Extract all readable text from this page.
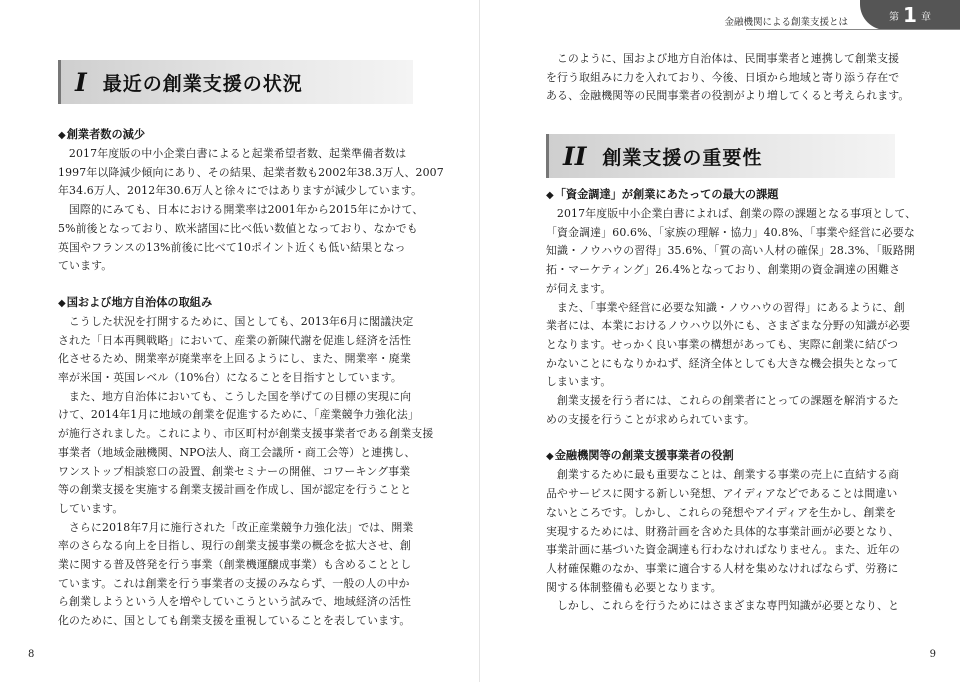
I 最近の創業支援の状況

◆創業者数の減少

2017年度版の中小企業白書によると起業希望者数、起業準備者数は
1997年以降減少傾向にあり、その結果、起業者数も2002年38.3万人、2007
年34.6万人、2012年30.6万人と徐々にではありますが減少しています。

国際的にみても、日本における開業率は2001年から2015年にかけて、
5%前後となっており、欧米諸国に比べ低い数値となっており、なかでも
英国やフランスの13%前後に比べて10ポイント近くも低い結果となっ
ています。

◆国および地方自治体の取組み

こうした状況を打開するために、国としても、2013年6月に閣議決定
された「日本再興戦略」において、産業の新陳代謝を促進し経済を活性
化させるため、開業率が廃業率を上回るようにし、また、開業率・廃業
率が米国・英国レベル（10%台）になることを目指すとしています。

また、地方自治体においても、こうした国を挙げての目標の実現に向
けて、2014年1月に地域の創業を促進するために、「産業競争力強化法」
が施行されました。これにより、市区町村が創業支援事業者である創業支援
事業者（地域金融機関、NPO法人、商工会議所・商工会等）と連携し、
ワンストップ相談窓口の設置、創業セミナーの開催、コワーキング事業
等の創業支援を実施する創業支援計画を作成し、国が認定を行うことと
しています。

さらに2018年7月に施行された「改正産業競争力強化法」では、開業
率のさらなる向上を目指し、現行の創業支援事業の概念を拡大させ、創
業に関する普及啓発を行う事業（創業機運醸成事業）も含めることとし
ています。これは創業を行う事業者の支援のみならず、一般の人の中か
ら創業しようという人を増やしていこうという試みで、地域経済の活性
化のために、国としても創業支援を重視していることを表しています。

8
金融機関による創業支援とは	第 1 章

このように、国および地方自治体は、民間事業者と連携して創業支援
を行う取組みに力を入れており、今後、日頃から地域と寄り添う存在で
ある、金融機関等の民間事業者の役割がより増してくると考えられます。

II 創業支援の重要性

◆「資金調達」が創業にあたっての最大の課題

2017年度版中小企業白書によれば、創業の際の課題となる事項として、
「資金調達」60.6%、「家族の理解・協力」40.8%、「事業や経営に必要な
知識・ノウハウの習得」35.6%、「質の高い人材の確保」28.3%、「販路開
拓・マーケティング」26.4%となっており、創業期の資金調達の困難さ
が伺えます。

また、「事業や経営に必要な知識・ノウハウの習得」にあるように、創
業者には、本業におけるノウハウ以外にも、さまざまな分野の知識が必要
となります。せっかく良い事業の構想があっても、実際に創業に結びつ
かないことにもなりかねず、経済全体としても大きな機会損失となって
しまいます。

創業支援を行う者には、これらの創業者にとっての課題を解消するた
めの支援を行うことが求められています。

◆金融機関等の創業支援事業者の役割

創業するために最も重要なことは、創業する事業の売上に直結する商
品やサービスに関する新しい発想、アイディアなどであることは間違い
ないところです。しかし、これらの発想やアイディアを生かし、創業を
実現するためには、財務計画を含めた具体的な事業計画が必要となり、
事業計画に基づいた資金調達も行わなければなりません。また、近年の
人材確保難のなか、事業に適合する人材を集めなければならず、労務に
関する体制整備も必要となります。

しかし、これらを行うためにはさまざまな専門知識が必要となり、と

9
